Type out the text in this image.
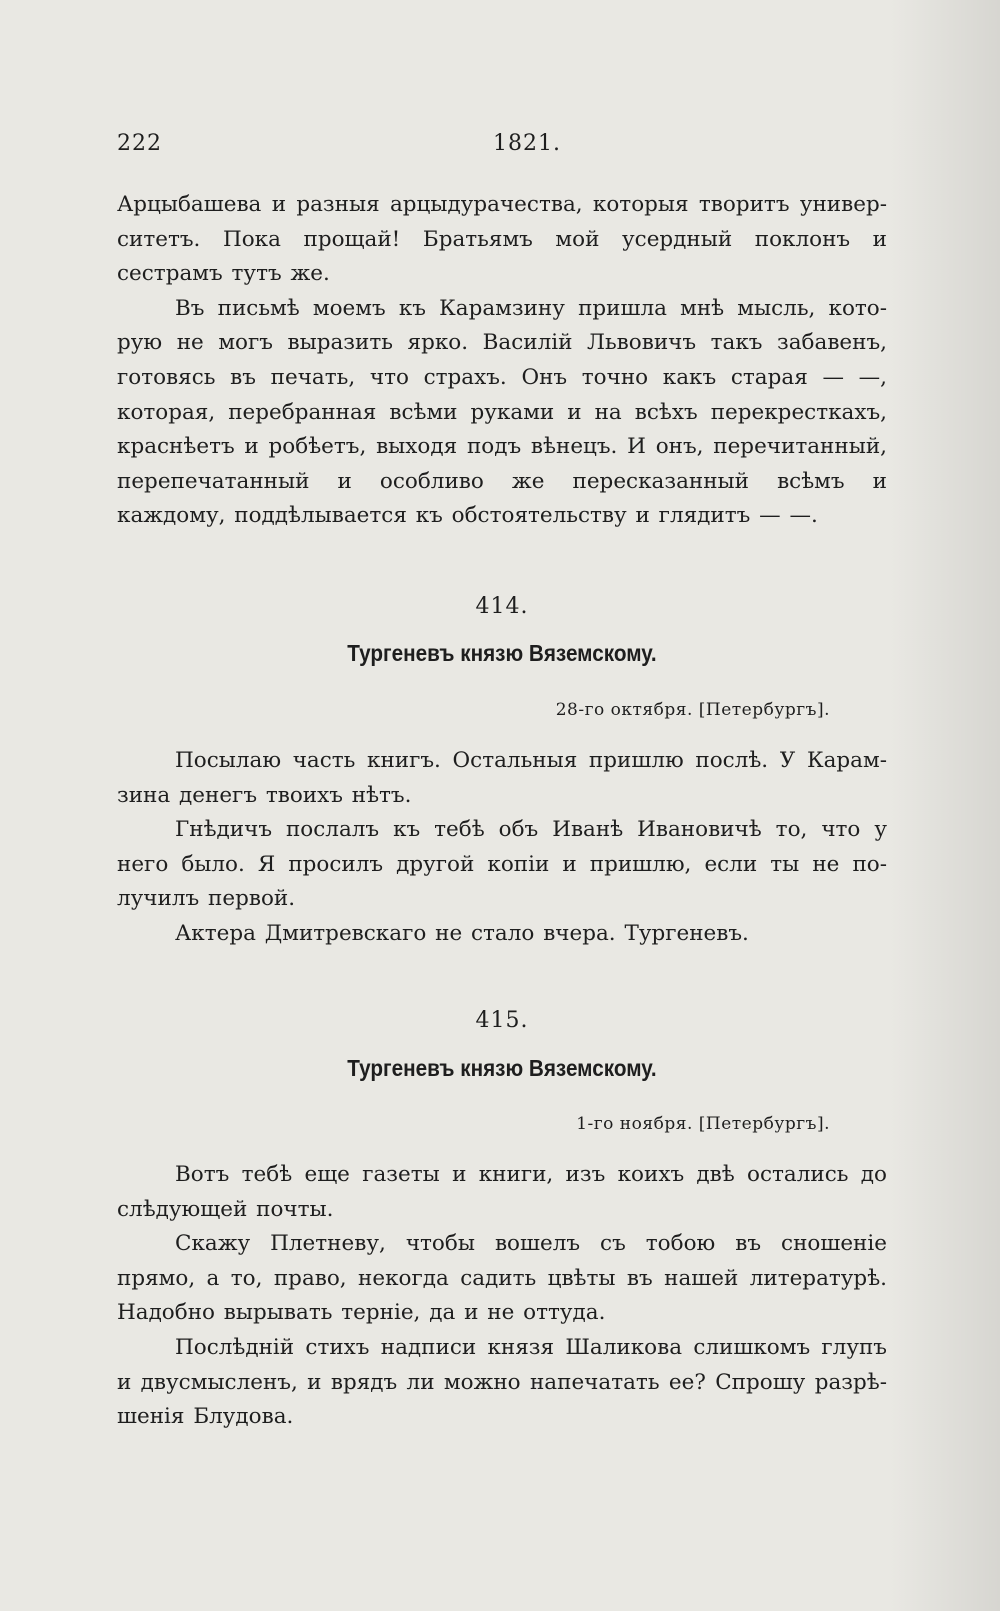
222	1821.

Арцыбашева и разныя арцыдурачества, которыя творитъ университетъ. Пока прощай! Братьямъ мой усердный поклонъ и сестрамъ тутъ же.

Въ письмѣ моемъ къ Карамзину пришла мнѣ мысль, которую не могъ выразить ярко. Василій Львовичъ такъ забавенъ, готовясь въ печать, что страхъ. Онъ точно какъ старая — —, которая, перебранная всѣми руками и на всѣхъ перекресткахъ, краснѣетъ и робѣетъ, выходя подъ вѣнецъ. И онъ, перечитанный, перепечатанный и особливо же пересказанный всѣмъ и каждому, поддѣлывается къ обстоятельству и глядитъ — —.

414.
Тургеневъ князю Вяземскому.
28-го октября. [Петербургъ].

Посылаю часть книгъ. Остальныя пришлю послѣ. У Карамзина денегъ твоихъ нѣтъ.

Гнѣдичъ послалъ къ тебѣ объ Иванѣ Ивановичѣ то, что у него было. Я просилъ другой копіи и пришлю, если ты не получилъ первой.

Актера Дмитревскаго не стало вчера. Тургеневъ.

415.
Тургеневъ князю Вяземскому.
1-го ноября. [Петербургъ].

Вотъ тебѣ еще газеты и книги, изъ коихъ двѣ остались до слѣдующей почты.

Скажу Плетневу, чтобы вошелъ съ тобою въ сношеніе прямо, а то, право, некогда садить цвѣты въ нашей литературѣ. Надобно вырывать терніе, да и не оттуда.

Послѣдній стихъ надписи князя Шаликова слишкомъ глупъ и двусмысленъ, и врядъ ли можно напечатать ее? Спрошу разрѣшенія Блудова.
